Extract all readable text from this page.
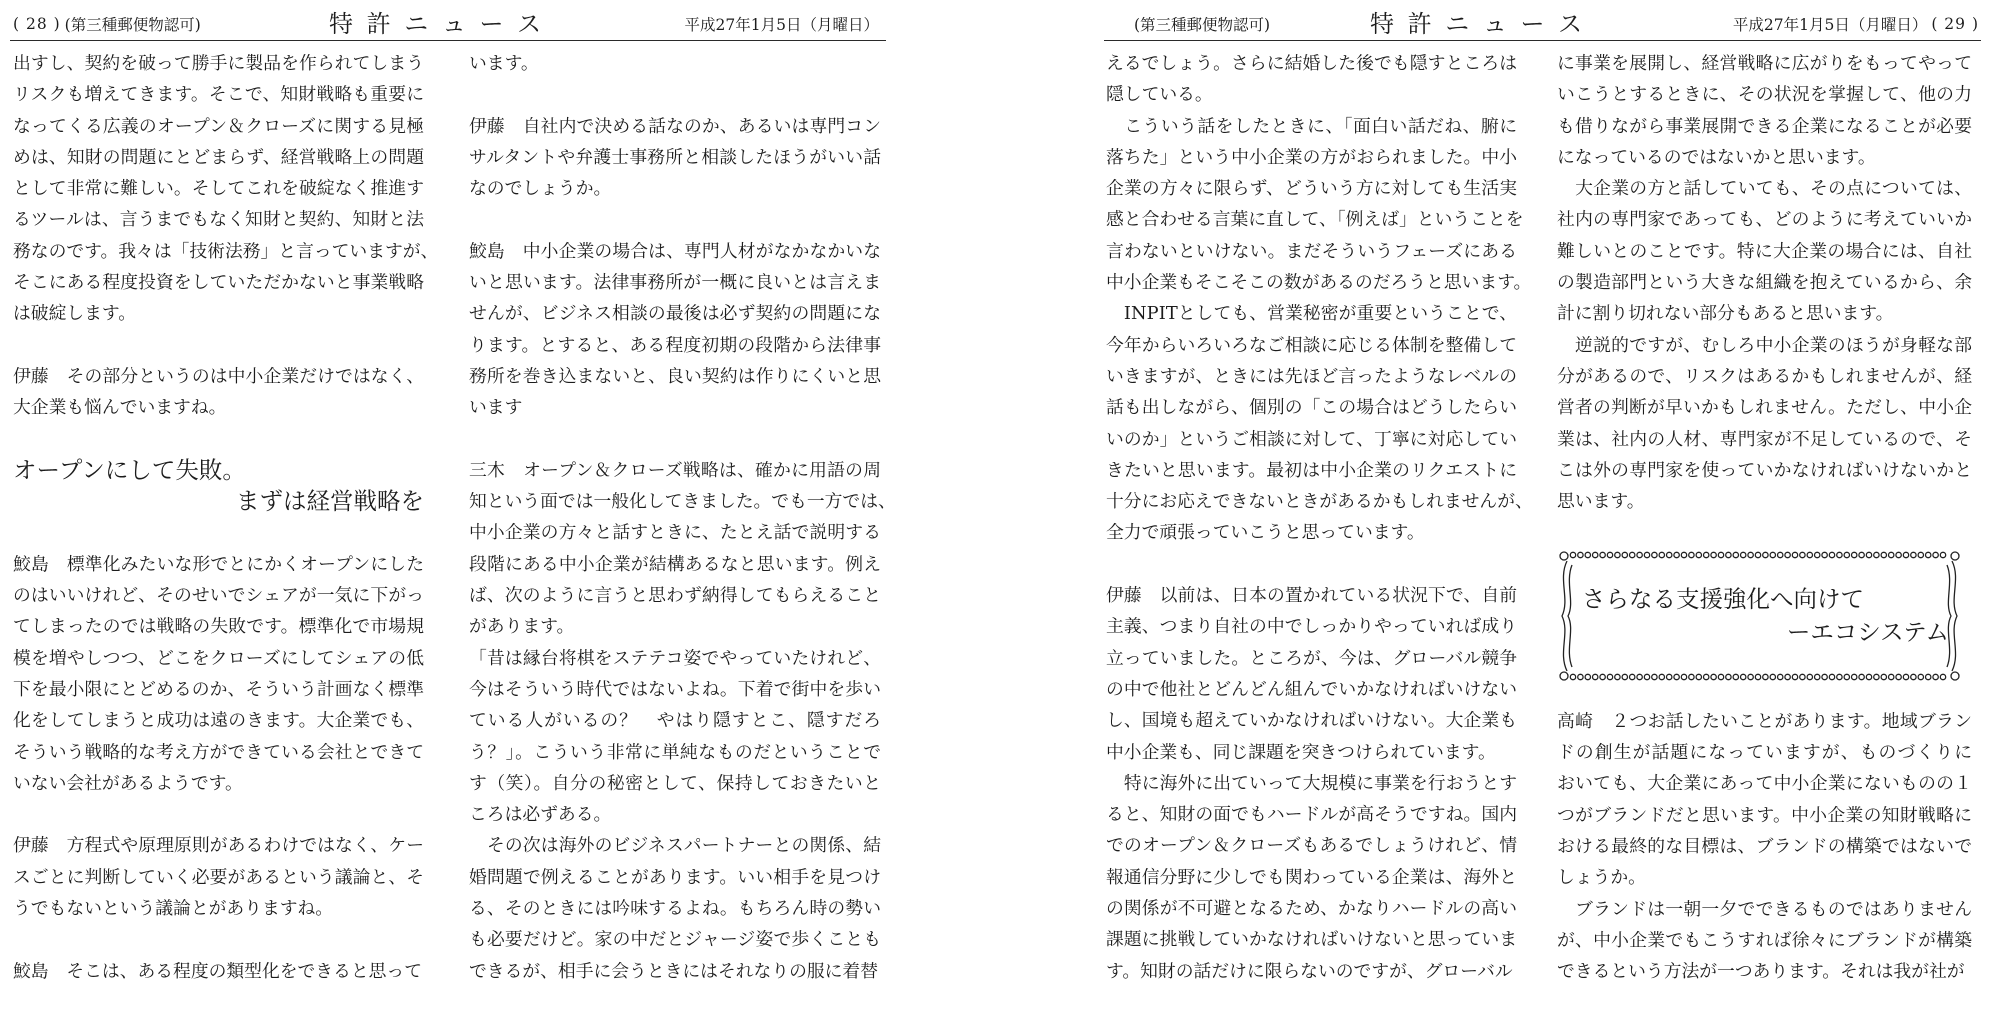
( 28 ) (第三種郵便物認可)	特 許 ニ ュ ー ス	平成27年1月5日（月曜日）
出すし、契約を破って勝手に製品を作られてしまう
リスクも増えてきます。そこで、知財戦略も重要に
なってくる広義のオープン＆クローズに関する見極
めは、知財の問題にとどまらず、経営戦略上の問題
として非常に難しい。そしてこれを破綻なく推進す
るツールは、言うまでもなく知財と契約、知財と法
務なのです。我々は「技術法務」と言っていますが、
そこにある程度投資をしていただかないと事業戦略
は破綻します。
伊藤　その部分というのは中小企業だけではなく、
大企業も悩んでいますね。
オープンにして失敗。
まずは経営戦略を
鮫島　標準化みたいな形でとにかくオープンにした
のはいいけれど、そのせいでシェアが一気に下がっ
てしまったのでは戦略の失敗です。標準化で市場規
模を増やしつつ、どこをクローズにしてシェアの低
下を最小限にとどめるのか、そういう計画なく標準
化をしてしまうと成功は遠のきます。大企業でも、
そういう戦略的な考え方ができている会社とできて
いない会社があるようです。
伊藤　方程式や原理原則があるわけではなく、ケー
スごとに判断していく必要があるという議論と、そ
うでもないという議論とがありますね。
鮫島　そこは、ある程度の類型化をできると思って
います。
伊藤　自社内で決める話なのか、あるいは専門コン
サルタントや弁護士事務所と相談したほうがいい話
なのでしょうか。
鮫島　中小企業の場合は、専門人材がなかなかいな
いと思います。法律事務所が一概に良いとは言えま
せんが、ビジネス相談の最後は必ず契約の問題にな
ります。とすると、ある程度初期の段階から法律事
務所を巻き込まないと、良い契約は作りにくいと思
います
三木　オープン＆クローズ戦略は、確かに用語の周
知という面では一般化してきました。でも一方では、
中小企業の方々と話すときに、たとえ話で説明する
段階にある中小企業が結構あるなと思います。例え
ば、次のように言うと思わず納得してもらえること
があります。
「昔は縁台将棋をステテコ姿でやっていたけれど、
今はそういう時代ではないよね。下着で街中を歩い
ている人がいるの？　やはり隠すとこ、隠すだろ
う？」。こういう非常に単純なものだということで
す（笑）。自分の秘密として、保持しておきたいと
ころは必ずある。
　その次は海外のビジネスパートナーとの関係、結
婚問題で例えることがあります。いい相手を見つけ
る、そのときには吟味するよね。もちろん時の勢い
も必要だけど。家の中だとジャージ姿で歩くことも
できるが、相手に会うときにはそれなりの服に着替
(第三種郵便物認可)	特 許 ニ ュ ー ス	平成27年1月5日（月曜日） ( 29 )
えるでしょう。さらに結婚した後でも隠すところは
隠している。
　こういう話をしたときに、「面白い話だね、腑に
落ちた」という中小企業の方がおられました。中小
企業の方々に限らず、どういう方に対しても生活実
感と合わせる言葉に直して、「例えば」ということを
言わないといけない。まだそういうフェーズにある
中小企業もそこそこの数があるのだろうと思います。
　INPITとしても、営業秘密が重要ということで、
今年からいろいろなご相談に応じる体制を整備して
いきますが、ときには先ほど言ったようなレベルの
話も出しながら、個別の「この場合はどうしたらい
いのか」というご相談に対して、丁寧に対応してい
きたいと思います。最初は中小企業のリクエストに
十分にお応えできないときがあるかもしれませんが、
全力で頑張っていこうと思っています。
伊藤　以前は、日本の置かれている状況下で、自前
主義、つまり自社の中でしっかりやっていれば成り
立っていました。ところが、今は、グローバル競争
の中で他社とどんどん組んでいかなければいけない
し、国境も超えていかなければいけない。大企業も
中小企業も、同じ課題を突きつけられています。
　特に海外に出ていって大規模に事業を行おうとす
ると、知財の面でもハードルが高そうですね。国内
でのオープン＆クローズもあるでしょうけれど、情
報通信分野に少しでも関わっている企業は、海外と
の関係が不可避となるため、かなりハードルの高い
課題に挑戦していかなければいけないと思っていま
す。知財の話だけに限らないのですが、グローバル
に事業を展開し、経営戦略に広がりをもってやって
いこうとするときに、その状況を掌握して、他の力
も借りながら事業展開できる企業になることが必要
になっているのではないかと思います。
　大企業の方と話していても、その点については、
社内の専門家であっても、どのように考えていいか
難しいとのことです。特に大企業の場合には、自社
の製造部門という大きな組織を抱えているから、余
計に割り切れない部分もあると思います。
　逆説的ですが、むしろ中小企業のほうが身軽な部
分があるので、リスクはあるかもしれませんが、経
営者の判断が早いかもしれません。ただし、中小企
業は、社内の人材、専門家が不足しているので、そ
こは外の専門家を使っていかなければいけないかと
思います。
さらなる支援強化へ向けて
ーエコシステム
高崎　２つお話したいことがあります。地域ブラン
ドの創生が話題になっていますが、ものづくりに
おいても、大企業にあって中小企業にないものの１
つがブランドだと思います。中小企業の知財戦略に
おける最終的な目標は、ブランドの構築ではないで
しょうか。
　ブランドは一朝一夕でできるものではありません
が、中小企業でもこうすれば徐々にブランドが構築
できるという方法が一つあります。それは我が社が
